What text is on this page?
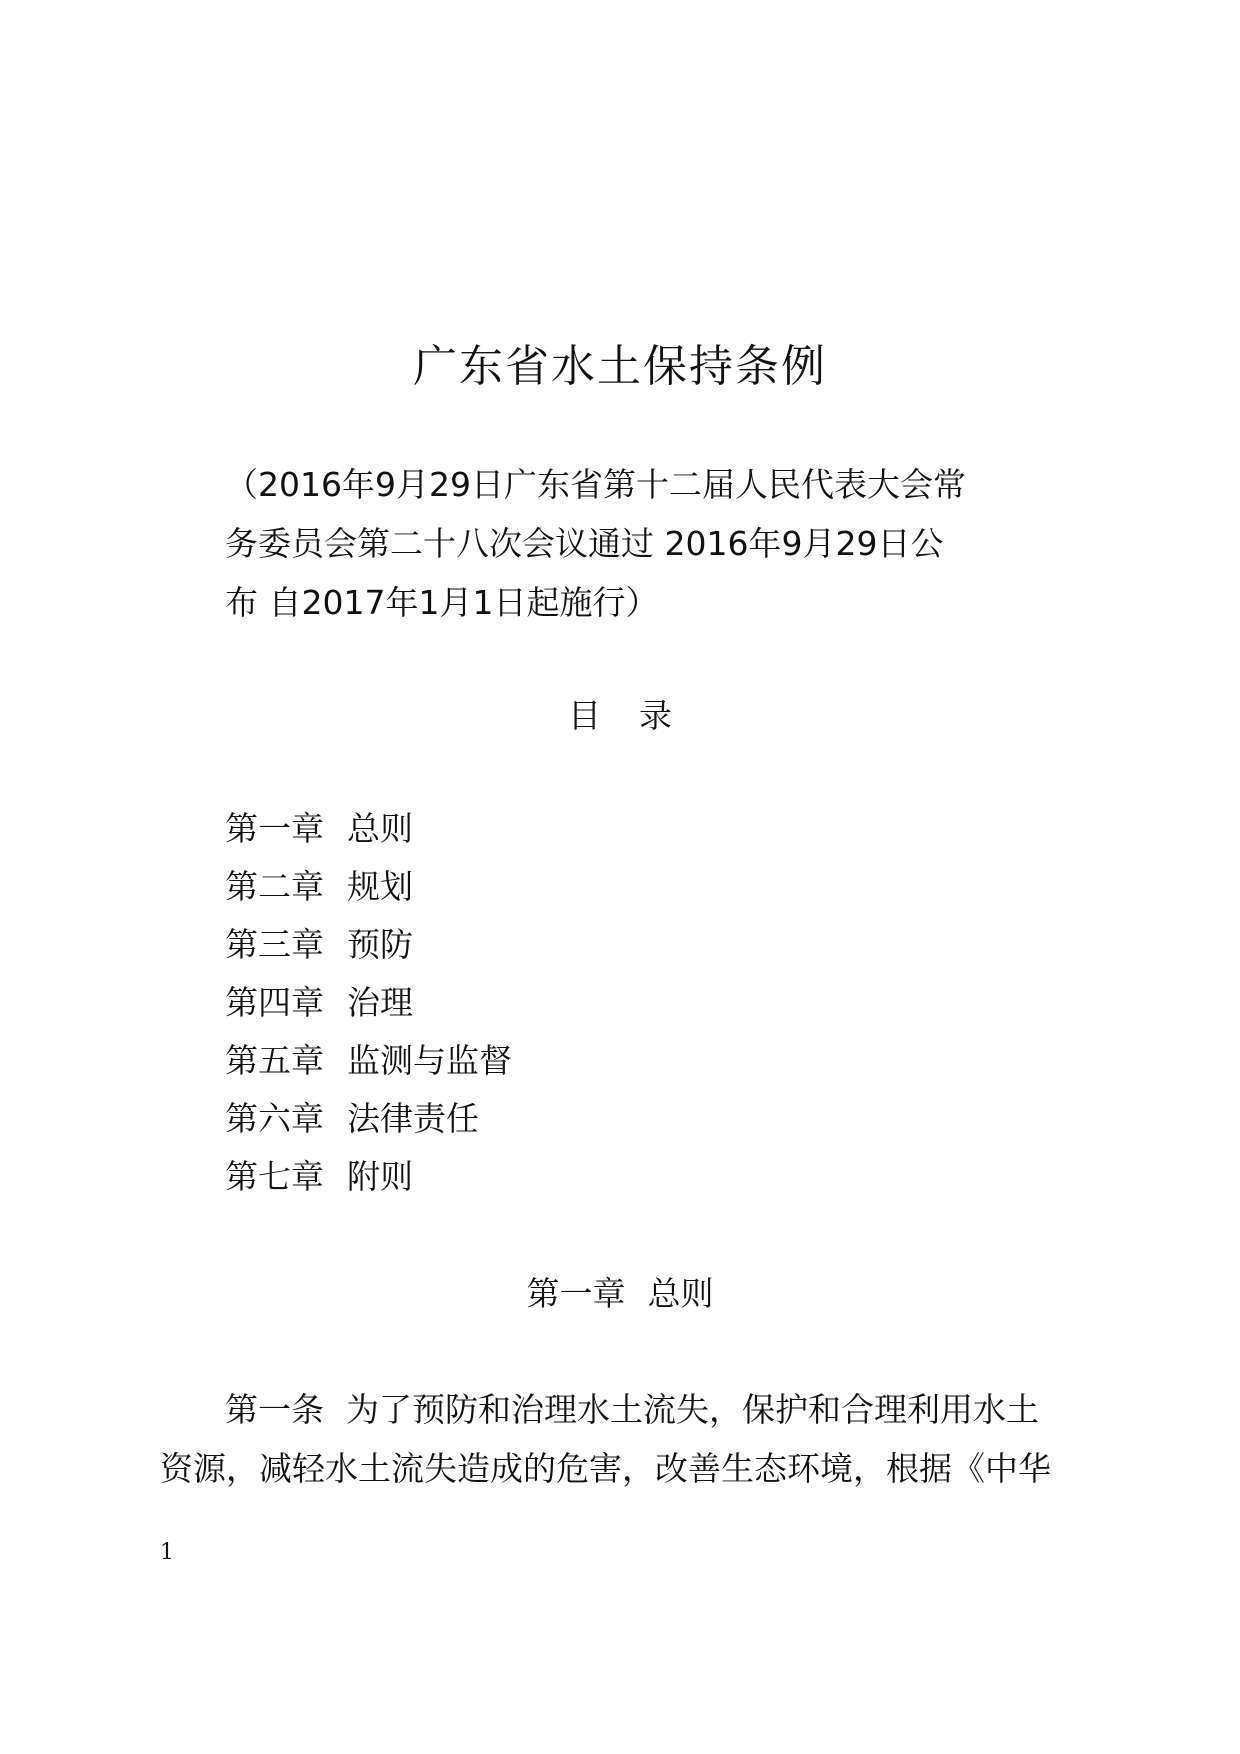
广东省水土保持条例

（2016年9月29日广东省第十二届人民代表大会常
务委员会第二十八次会议通过 2016年9月29日公
布 自2017年1月1日起施行）

目 录
第一章 总则
第二章 规划
第三章 预防
第四章 治理
第五章 监测与监督
第六章 法律责任
第七章 附则
第一章 总则

第一条 为了预防和治理水土流失，保护和合理利用水土
资源，减轻水土流失造成的危害，改善生态环境，根据《中华

1
